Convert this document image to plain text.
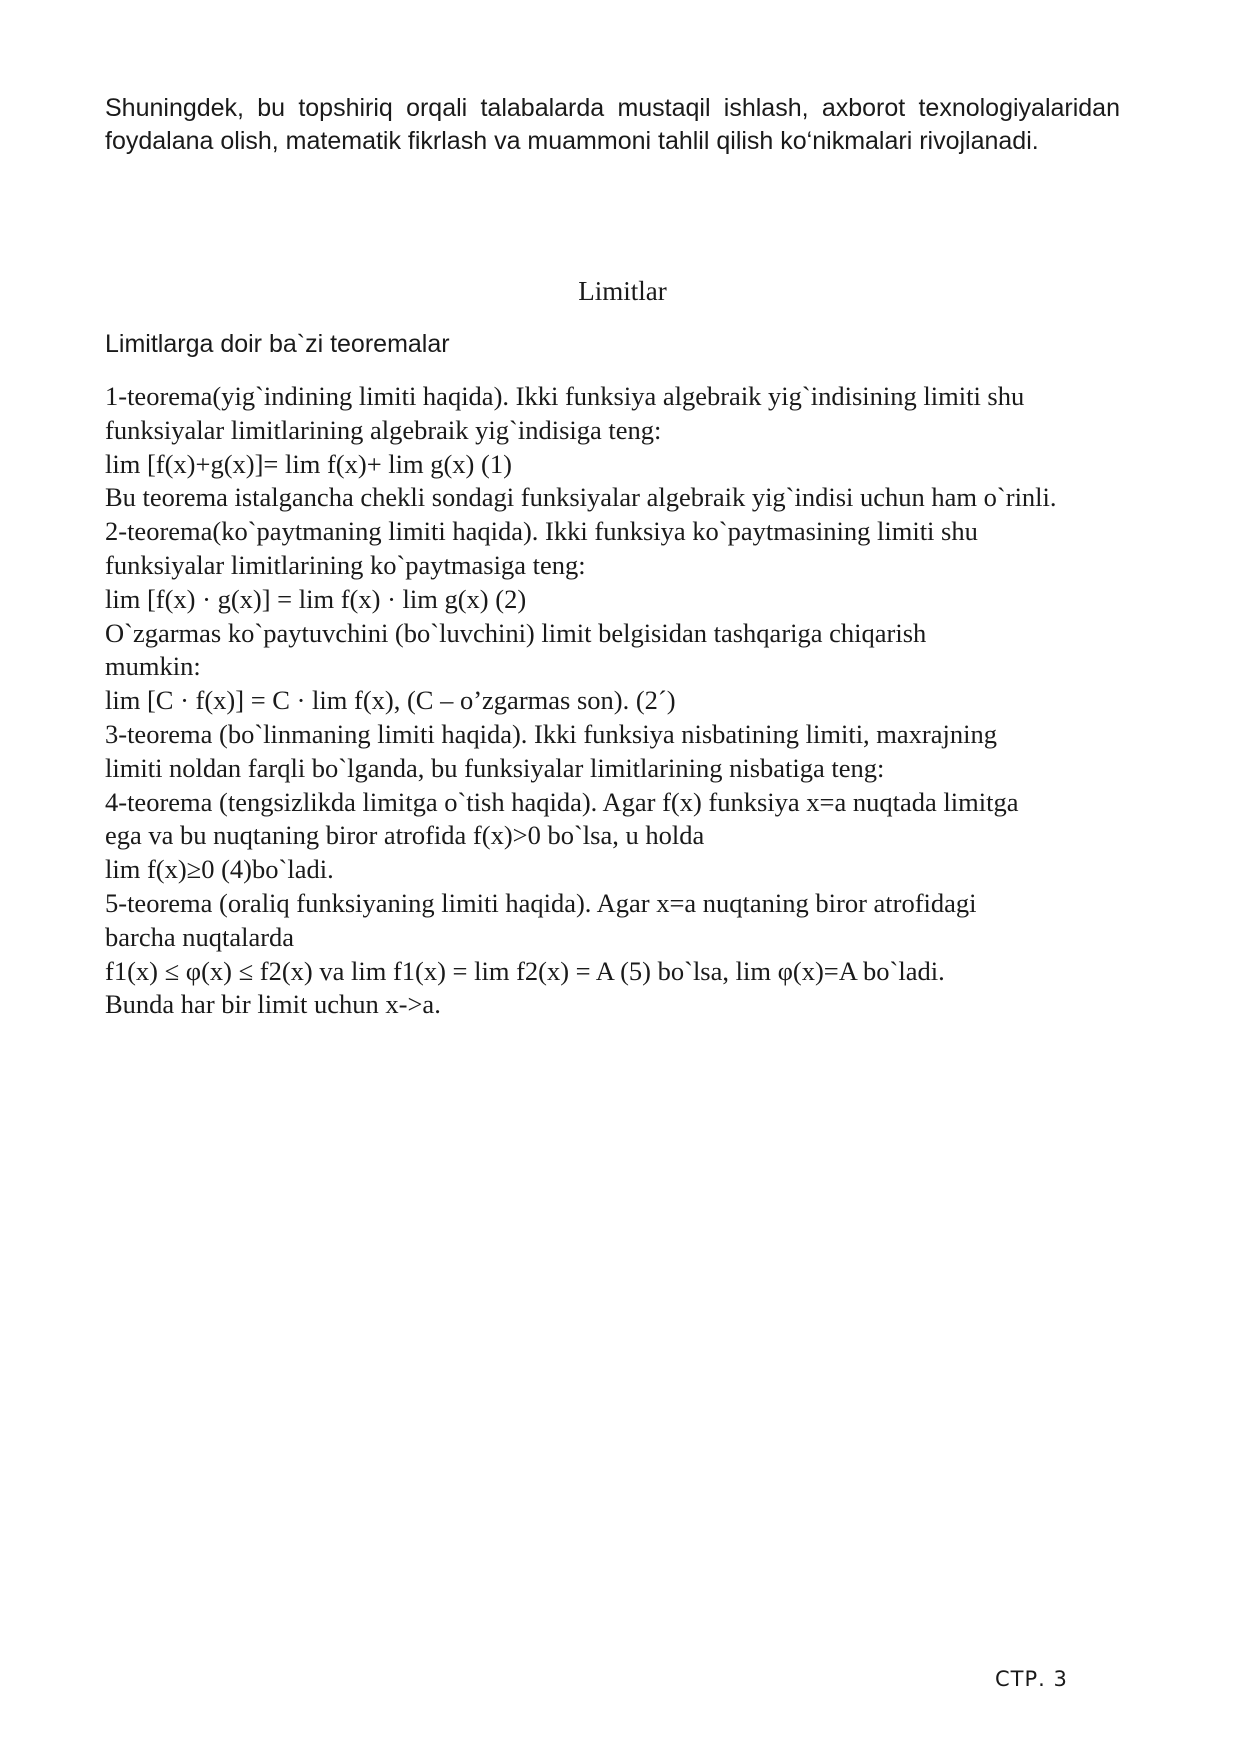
Shuningdek, bu topshiriq orqali talabalarda mustaqil ishlash, axborot texnologiyalaridan foydalana olish, matematik fikrlash va muammoni tahlil qilish ko‘nikmalari rivojlanadi.

Limitlar
Limitlarga doir ba`zi teoremalar

1-teorema(yig`indining limiti haqida). Ikki funksiya algebraik yig`indisining limiti shu

funksiyalar limitlarining algebraik yig`indisiga teng:

lim [f(x)+g(x)]= lim f(x)+ lim g(x) (1)

Bu teorema istalgancha chekli sondagi funksiyalar algebraik yig`indisi uchun ham o`rinli.

2-teorema(ko`paytmaning limiti haqida). Ikki funksiya ko`paytmasining limiti shu

funksiyalar limitlarining ko`paytmasiga teng:

lim [f(x) · g(x)] = lim f(x) · lim g(x) (2)

O`zgarmas ko`paytuvchini (bo`luvchini) limit belgisidan tashqariga chiqarish

mumkin:

lim [C · f(x)] = C · lim f(x), (C – o’zgarmas son). (2´)

3-teorema (bo`linmaning limiti haqida). Ikki funksiya nisbatining limiti, maxrajning

limiti noldan farqli bo`lganda, bu funksiyalar limitlarining nisbatiga teng:

4-teorema (tengsizlikda limitga o`tish haqida). Agar f(x) funksiya x=a nuqtada limitga

ega va bu nuqtaning biror atrofida f(x)>0 bo`lsa, u holda

lim f(x)≥0 (4)bo`ladi.

5-teorema (oraliq funksiyaning limiti haqida). Agar x=a nuqtaning biror atrofidagi

barcha nuqtalarda

f1(x) ≤ φ(x) ≤ f2(x) va lim f1(x) = lim f2(x) = A (5) bo`lsa, lim φ(x)=A bo`ladi.

Bunda har bir limit uchun x->a.

СТР. 3
